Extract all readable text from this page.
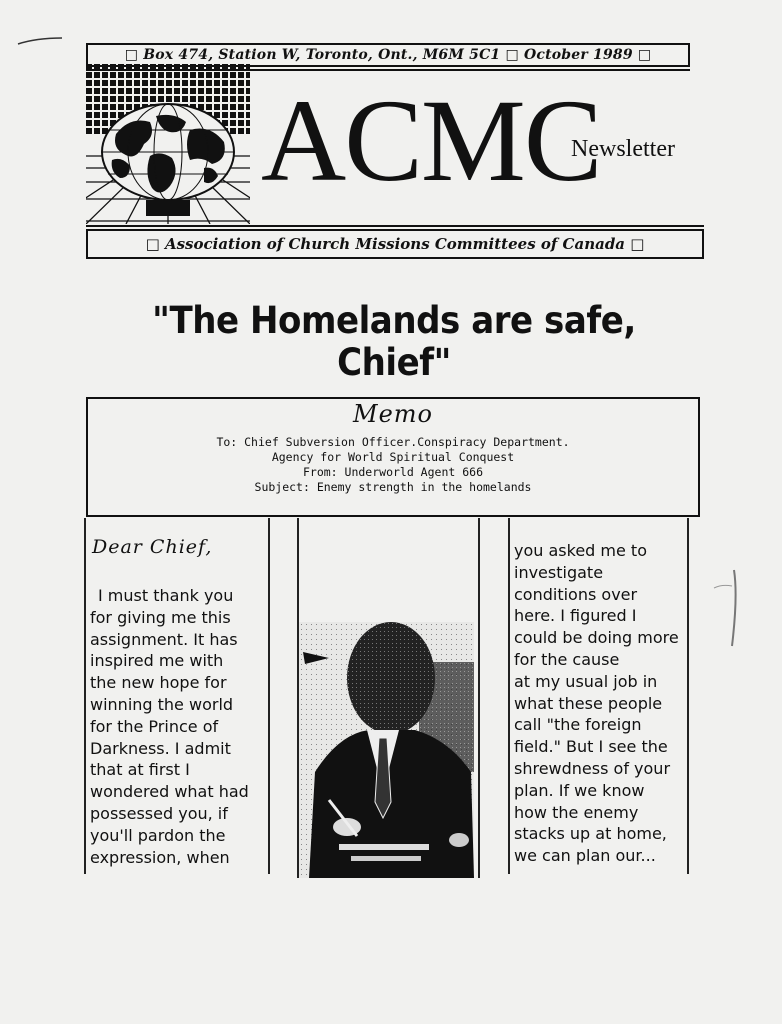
□ Box 474, Station W, Toronto, Ont., M6M 5C1 □ October 1989 □
ACMC
Newsletter
□ Association of Church Missions Committees of Canada □
"The Homelands are safe,
Chief"
Memo
To: Chief Subversion Officer.Conspiracy Department.
Agency for World Spiritual Conquest
From: Underworld Agent 666
Subject: Enemy strength in the homelands
Dear Chief,

I must thank you

for giving me this

assignment. It has

inspired me with

the new hope for

winning the world

for the Prince of

Darkness. I admit

that at first I

wondered what had

possessed you, if

you'll pardon the

expression, when

you asked me to

investigate

conditions over

here. I figured I

could be doing more

for the cause

at my usual job in

what these people

call "the foreign

field." But I see the

shrewdness of your

plan. If we know

how the enemy

stacks up at home,

we can plan our...
